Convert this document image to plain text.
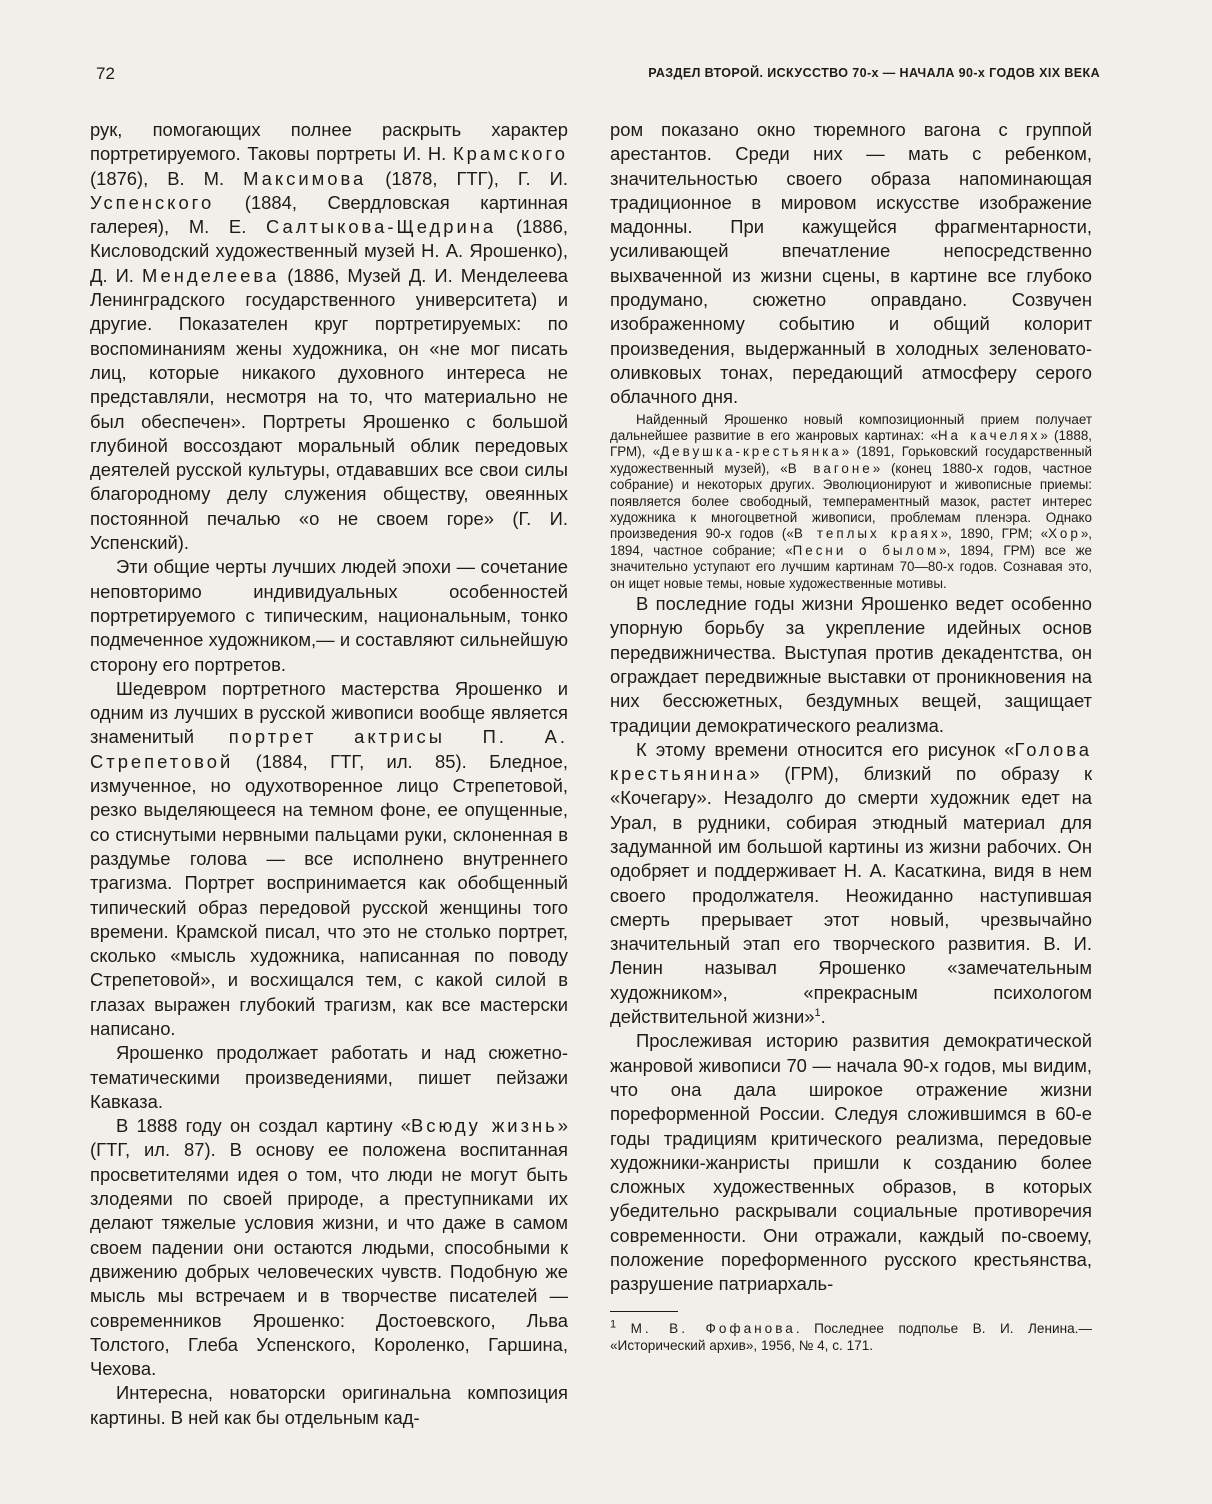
72	РАЗДЕЛ ВТОРОЙ. ИСКУССТВО 70-х — НАЧАЛА 90-х ГОДОВ XIX ВЕКА

рук, помогающих полнее раскрыть характер портретируемого. Таковы портреты И. Н. Крамского (1876), В. М. Максимова (1878, ГТГ), Г. И. Успенского (1884, Свердловская картинная галерея), М. Е. Салтыкова-Щедрина (1886, Кисловодский художественный музей Н. А. Ярошенко), Д. И. Менделеева (1886, Музей Д. И. Менделеева Ленинградского государственного университета) и другие. Показателен круг портретируемых: по воспоминаниям жены художника, он «не мог писать лиц, которые никакого духовного интереса не представляли, несмотря на то, что материально не был обеспечен». Портреты Ярошенко с большой глубиной воссоздают моральный облик передовых деятелей русской культуры, отдававших все свои силы благородному делу служения обществу, овеянных постоянной печалью «о не своем горе» (Г. И. Успенский).

Эти общие черты лучших людей эпохи — сочетание неповторимо индивидуальных особенностей портретируемого с типическим, национальным, тонко подмеченное художником,— и составляют сильнейшую сторону его портретов.

Шедевром портретного мастерства Ярошенко и одним из лучших в русской живописи вообще является знаменитый портрет актрисы П. А. Стрепетовой (1884, ГТГ, ил. 85). Бледное, измученное, но одухотворенное лицо Стрепетовой, резко выделяющееся на темном фоне, ее опущенные, со стиснутыми нервными пальцами руки, склоненная в раздумье голова — все исполнено внутреннего трагизма. Портрет воспринимается как обобщенный типический образ передовой русской женщины того времени. Крамской писал, что это не столько портрет, сколько «мысль художника, написанная по поводу Стрепетовой», и восхищался тем, с какой силой в глазах выражен глубокий трагизм, как все мастерски написано.

Ярошенко продолжает работать и над сюжетно-тематическими произведениями, пишет пейзажи Кавказа.

В 1888 году он создал картину «Всюду жизнь» (ГТГ, ил. 87). В основу ее положена воспитанная просветителями идея о том, что люди не могут быть злодеями по своей природе, а преступниками их делают тяжелые условия жизни, и что даже в самом своем падении они остаются людьми, способными к движению добрых человеческих чувств. Подобную же мысль мы встречаем и в творчестве писателей — современников Ярошенко: Достоевского, Льва Толстого, Глеба Успенского, Короленко, Гаршина, Чехова.

Интересна, новаторски оригинальна композиция картины. В ней как бы отдельным кад-

ром показано окно тюремного вагона с группой арестантов. Среди них — мать с ребенком, значительностью своего образа напоминающая традиционное в мировом искусстве изображение мадонны. При кажущейся фрагментарности, усиливающей впечатление непосредственно выхваченной из жизни сцены, в картине все глубоко продумано, сюжетно оправдано. Созвучен изображенному событию и общий колорит произведения, выдержанный в холодных зеленовато-оливковых тонах, передающий атмосферу серого облачного дня.

Найденный Ярошенко новый композиционный прием получает дальнейшее развитие в его жанровых картинах: «На качелях» (1888, ГРМ), «Девушка-крестьянка» (1891, Горьковский государственный художественный музей), «В вагоне» (конец 1880-х годов, частное собрание) и некоторых других. Эволюционируют и живописные приемы: появляется более свободный, темпераментный мазок, растет интерес художника к многоцветной живописи, проблемам пленэра. Однако произведения 90-х годов («В теплых краях», 1890, ГРМ; «Хор», 1894, частное собрание; «Песни о былом», 1894, ГРМ) все же значительно уступают его лучшим картинам 70—80-х годов. Сознавая это, он ищет новые темы, новые художественные мотивы.

В последние годы жизни Ярошенко ведет особенно упорную борьбу за укрепление идейных основ передвижничества. Выступая против декадентства, он ограждает передвижные выставки от проникновения на них бессюжетных, бездумных вещей, защищает традиции демократического реализма.

К этому времени относится его рисунок «Голова крестьянина» (ГРМ), близкий по образу к «Кочегару». Незадолго до смерти художник едет на Урал, в рудники, собирая этюдный материал для задуманной им большой картины из жизни рабочих. Он одобряет и поддерживает Н. А. Касаткина, видя в нем своего продолжателя. Неожиданно наступившая смерть прерывает этот новый, чрезвычайно значительный этап его творческого развития. В. И. Ленин называл Ярошенко «замечательным художником», «прекрасным психологом действительной жизни»$^1$.

Прослеживая историю развития демократической жанровой живописи 70 — начала 90-х годов, мы видим, что она дала широкое отражение жизни пореформенной России. Следуя сложившимся в 60-е годы традициям критического реализма, передовые художники-жанристы пришли к созданию более сложных художественных образов, в которых убедительно раскрывали социальные противоречия современности. Они отражали, каждый по-своему, положение пореформенного русского крестьянства, разрушение патриархаль-

$^1$ М. В. Фофанова. Последнее подполье В. И. Ленина.— «Исторический архив», 1956, № 4, с. 171.
